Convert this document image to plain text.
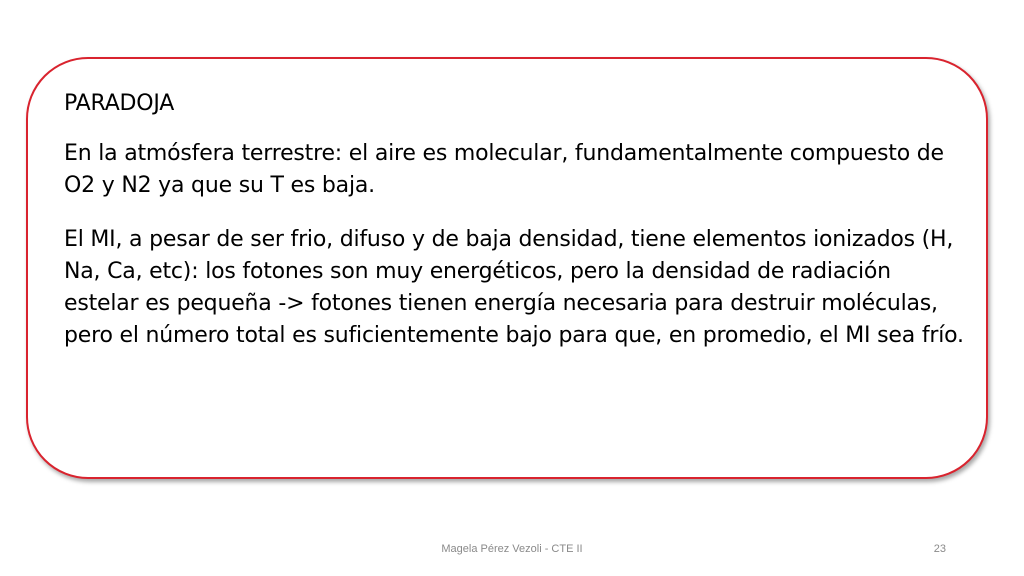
PARADOJA
En la atmósfera terrestre: el aire es molecular, fundamentalmente compuesto de O2 y N2 ya que su T es baja.
El MI, a pesar de ser frio, difuso y de baja densidad, tiene elementos ionizados (H, Na, Ca, etc): los fotones son muy energéticos, pero la densidad de radiación estelar es pequeña -> fotones tienen energía necesaria para destruir moléculas, pero el número total es suficientemente bajo para que, en promedio, el MI sea frío.
Magela Pérez Vezoli - CTE II	23
